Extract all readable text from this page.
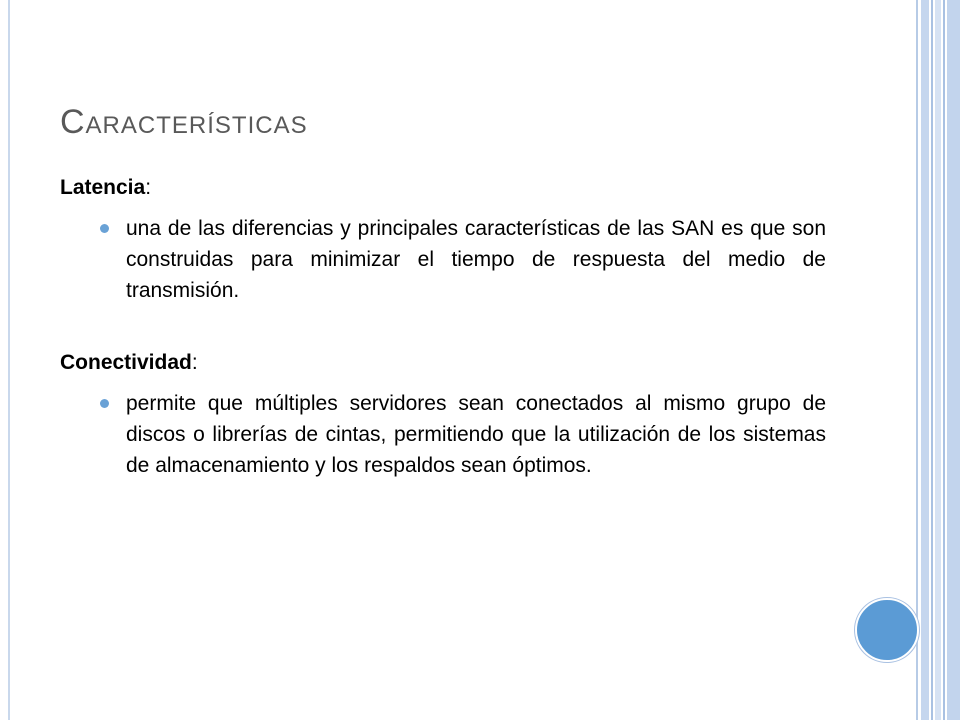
Características

Latencia:

una de las diferencias y principales características de las SAN es que son construidas para minimizar el tiempo de respuesta del medio de transmisión.

Conectividad:

permite que múltiples servidores sean conectados al mismo grupo de discos o librerías de cintas, permitiendo que la utilización de los sistemas de almacenamiento y los respaldos sean óptimos.
